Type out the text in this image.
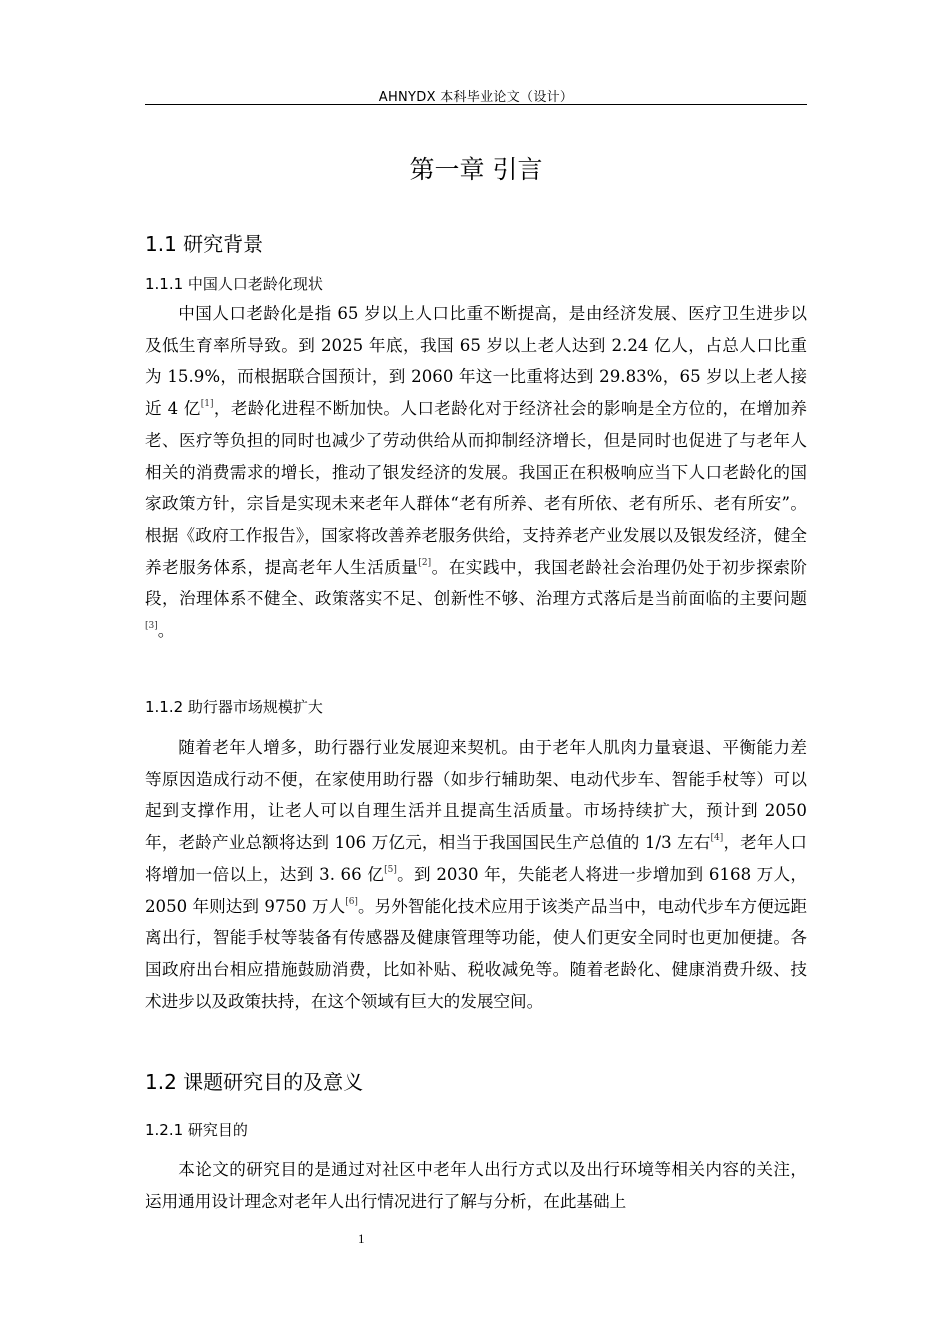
AHNYDX 本科毕业论文（设计）
第一章 引言
1.1 研究背景
1.1.1 中国人口老龄化现状

中国人口老龄化是指 65 岁以上人口比重不断提高，是由经济发展、医疗卫生进步以及低生育率所导致。到 2025 年底，我国 65 岁以上老人达到 2.24 亿人，占总人口比重为 15.9%，而根据联合国预计，到 2060 年这一比重将达到 29.83%，65 岁以上老人接近 4 亿[1]，老龄化进程不断加快。人口老龄化对于经济社会的影响是全方位的，在增加养老、医疗等负担的同时也减少了劳动供给从而抑制经济增长，但是同时也促进了与老年人相关的消费需求的增长，推动了银发经济的发展。我国正在积极响应当下人口老龄化的国家政策方针，宗旨是实现未来老年人群体“老有所养、老有所依、老有所乐、老有所安”。根据《政府工作报告》，国家将改善养老服务供给，支持养老产业发展以及银发经济，健全养老服务体系，提高老年人生活质量[2]。在实践中，我国老龄社会治理仍处于初步探索阶段，治理体系不健全、政策落实不足、创新性不够、治理方式落后是当前面临的主要问题[3]。

1.1.2 助行器市场规模扩大

随着老年人增多，助行器行业发展迎来契机。由于老年人肌肉力量衰退、平衡能力差等原因造成行动不便，在家使用助行器（如步行辅助架、电动代步车、智能手杖等）可以起到支撑作用，让老人可以自理生活并且提高生活质量。市场持续扩大，预计到 2050 年，老龄产业总额将达到 106 万亿元，相当于我国国民生产总值的 1/3 左右[4]，老年人口将增加一倍以上，达到 3. 66 亿[5]。到 2030 年，失能老人将进一步增加到 6168 万人，2050 年则达到 9750 万人[6]。另外智能化技术应用于该类产品当中，电动代步车方便远距离出行，智能手杖等装备有传感器及健康管理等功能，使人们更安全同时也更加便捷。各国政府出台相应措施鼓励消费，比如补贴、税收减免等。随着老龄化、健康消费升级、技术进步以及政策扶持，在这个领域有巨大的发展空间。

1.2 课题研究目的及意义
1.2.1 研究目的

本论文的研究目的是通过对社区中老年人出行方式以及出行环境等相关内容的关注，运用通用设计理念对老年人出行情况进行了解与分析，在此基础上

1
